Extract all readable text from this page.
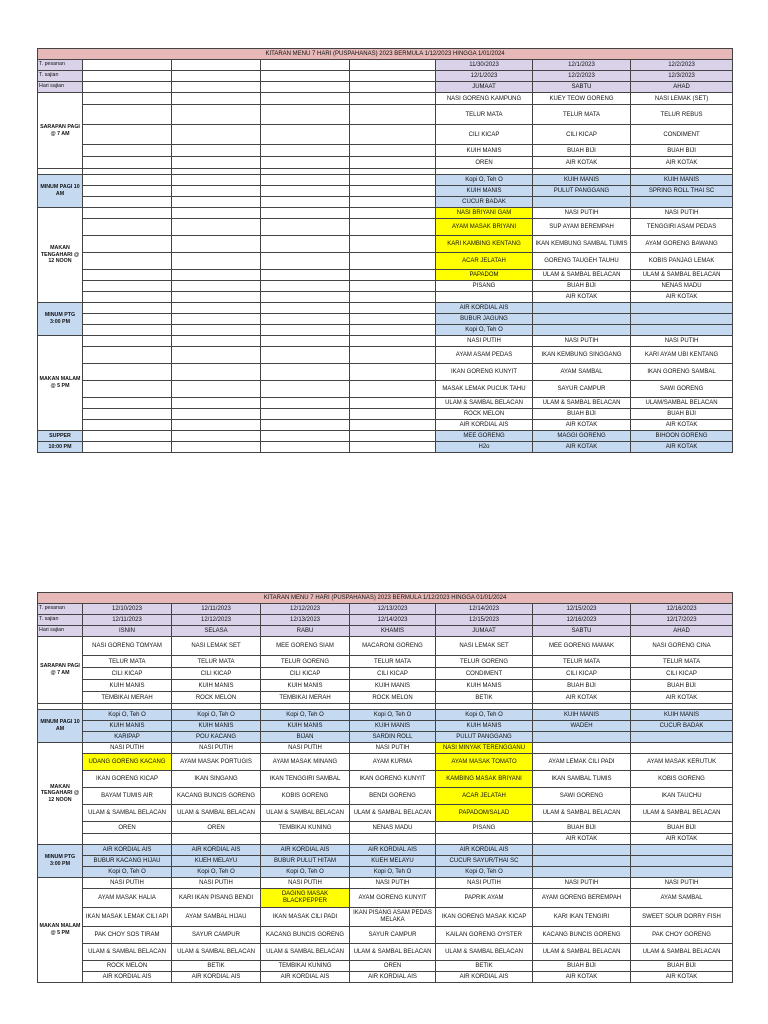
KITARAN MENU 7 HARI (PUSPAHANAS) 2023 BERMULA 1/12/2023 HINGGA 1/01/2024							
T. pesanan					11/30/2023	12/1/2023	12/2/2023
T. sajian					12/1/2023	12/2/2023	12/3/2023
Hari sajian					JUMAAT	SABTU	AHAD
SARAPAN PAGI @ 7 AM					NASI GORENG KAMPUNG	KUEY TEOW GORENG	NASI LEMAK (SET)
					TELUR MATA	TELUR MATA	TELUR REBUS
					CILI KICAP	CILI KICAP	CONDIMENT
					KUIH MANIS	BUAH BIJI	BUAH BIJI
					OREN	AIR KOTAK	AIR KOTAK

MINUM PAGI 10 AM					Kopi O, Teh O	KUIH MANIS	KUIH MANIS
					KUIH MANIS	PULUT PANGGANG	SPRING ROLL THAI SC
					CUCUR BADAK		
MAKAN TENGAHARI @ 12 NOON					NASI BRIYANI GAM	NASI PUTIH	NASI PUTIH
					AYAM MASAK BRIYANI	SUP AYAM BEREMPAH	TENGGIRI ASAM PEDAS
					KARI KAMBING KENTANG	IKAN KEMBUNG SAMBAL TUMIS	AYAM GORENG BAWANG
					ACAR JELATAH	GORENG TAUGEH TAUHU	KOBIS PANJAG LEMAK
					PAPADOM	ULAM & SAMBAL BELACAN	ULAM & SAMBAL BELACAN
					PISANG	BUAH BIJI	NENAS MADU
						AIR KOTAK	AIR KOTAK
MINUM PTG 3:00 PM					AIR KORDIAL AIS		
					BUBUR JAGUNG		
					Kopi O, Teh O		
MAKAN MALAM @ 5 PM					NASI PUTIH	NASI PUTIH	NASI PUTIH
					AYAM ASAM PEDAS	IKAN KEMBUNG SINGGANG	KARI AYAM UBI KENTANG
					IKAN GORENG KUNYIT	AYAM SAMBAL	IKAN GORENG SAMBAL
					MASAK LEMAK PUCUK TAHU	SAYUR CAMPUR	SAWI GORENG
					ULAM & SAMBAL BELACAN	ULAM & SAMBAL BELACAN	ULAM/SAMBAL BELACAN
					ROCK MELON	BUAH BIJI	BUAH BIJI
					AIR KORDIAL AIS	AIR KOTAK	AIR KOTAK
SUPPER					MEE GORENG	MAGGI GORENG	BIHOON GORENG
10:00 PM					H2o	AIR KOTAK	AIR KOTAK
KITARAN MENU 7 HARI (PUSPAHANAS) 2023 BERMULA 1/12/2023 HINGGA 01/01/2024							
T. pesanan	12/10/2023	12/11/2023	12/12/2023	12/13/2023	12/14/2023	12/15/2023	12/16/2023
T. sajian	12/11/2023	12/12/2023	12/13/2023	12/14/2023	12/15/2023	12/16/2023	12/17/2023
Hari sajian	ISNIN	SELASA	RABU	KHAMIS	JUMAAT	SABTU	AHAD
SARAPAN PAGI @ 7 AM	NASI GORENG TOMYAM	NASI LEMAK SET	MEE GORENG SIAM	MACARONI GORENG	NASI LEMAK SET	MEE GORENG MAMAK	NASI GORENG CINA
	TELUR MATA	TELUR MATA	TELUR GORENG	TELUR MATA	TELUR GORENG	TELUR MATA	TELUR MATA
	CILI KICAP	CILI KICAP	CILI KICAP	CILI KICAP	CONDIMENT	CILI KICAP	CILI KICAP
	KUIH MANIS	KUIH MANIS	KUIH MANIS	KUIH MANIS	KUIH MANIS	BUAH BIJI	BUAH BIJI
	TEMBIKAI MERAH	ROCK MELON	TEMBIKAI MERAH	ROCK MELON	BETIK	AIR KOTAK	AIR KOTAK

MINUM PAGI 10 AM	Kopi O, Teh O	Kopi O, Teh O	Kopi O, Teh O	Kopi O, Teh O	Kopi O, Teh O	KUIH MANIS	KUIH MANIS
	KUIH MANIS	KUIH MANIS	KUIH MANIS	KUIH MANIS	KUIH MANIS	WADEH	CUCUR BADAK
	KARIPAP	POU KACANG	BIJAN	SARDIN ROLL	PULUT PANGGANG		
MAKAN TENGAHARI @ 12 NOON	NASI PUTIH	NASI PUTIH	NASI PUTIH	NASI PUTIH	NASI MINYAK TERENGGANU		
	UDANG GORENG KACANG	AYAM MASAK PORTUGIS	AYAM MASAK MINANG	AYAM KURMA	AYAM MASAK TOMATO	AYAM LEMAK CILI PADI	AYAM MASAK KERUTUK
	IKAN GORENG KICAP	IKAN SINGANG	IKAN TENGGIRI SAMBAL	IKAN GORENG KUNYIT	KAMBING MASAK BRIYANI	IKAN SAMBAL TUMIS	KOBIS GORENG
	BAYAM TUMIS AIR	KACANG BUNCIS GORENG	KOBIS GORENG	BENDI GORENG	ACAR JELATAH	SAWI GORENG	IKAN TAUCHU
	ULAM & SAMBAL BELACAN	ULAM & SAMBAL BELACAN	ULAM & SAMBAL BELACAN	ULAM & SAMBAL BELACAN	PAPADOM/SALAD	ULAM & SAMBAL BELACAN	ULAM & SAMBAL BELACAN
	OREN	OREN	TEMBIKAI KUNING	NENAS MADU	PISANG	BUAH BIJI	BUAH BIJI
						AIR KOTAK	AIR KOTAK
MINUM PTG 3:00 PM	AIR KORDIAL AIS	AIR KORDIAL AIS	AIR KORDIAL AIS	AIR KORDIAL AIS	AIR KORDIAL AIS		
	BUBUR KACANG HIJAU	KUEH MELAYU	BUBUR PULUT HITAM	KUEH MELAYU	CUCUR SAYUR/THAI SC		
	Kopi O, Teh O	Kopi O, Teh O	Kopi O, Teh O	Kopi O, Teh O	Kopi O, Teh O		
MAKAN MALAM @ 5 PM	NASI PUTIH	NASI PUTIH	NASI PUTIH	NASI PUTIH	NASI PUTIH	NASI PUTIH	NASI PUTIH
	AYAM MASAK HALIA	KARI IKAN PISANG BENDI	DAGING MASAK BLACKPEPPER	AYAM GORENG KUNYIT	PAPRIK AYAM	AYAM GORENG BEREMPAH	AYAM SAMBAL
	IKAN MASAK LEMAK CILI API	AYAM SAMBAL HIJAU	IKAN MASAK CILI PADI	IKAN PISANG ASAM PEDAS MELAKA	IKAN GORENG MASAK KICAP	KARI IKAN TENGIRI	SWEET SOUR DORRY FISH
	PAK CHOY SOS TIRAM	SAYUR CAMPUR	KACANG BUNCIS GORENG	SAYUR CAMPUR	KAILAN GORENG OYSTER	KACANG BUNCIS GORENG	PAK CHOY GORENG
	ULAM & SAMBAL BELACAN	ULAM & SAMBAL BELACAN	ULAM & SAMBAL BELACAN	ULAM & SAMBAL BELACAN	ULAM & SAMBAL BELACAN	ULAM & SAMBAL BELACAN	ULAM & SAMBAL BELACAN
	ROCK MELON	BETIK	TEMBIKAI KUNING	OREN	BETIK	BUAH BIJI	BUAH BIJI
	AIR KORDIAL AIS	AIR KORDIAL AIS	AIR KORDIAL AIS	AIR KORDIAL AIS	AIR KORDIAL AIS	AIR KOTAK	AIR KOTAK
